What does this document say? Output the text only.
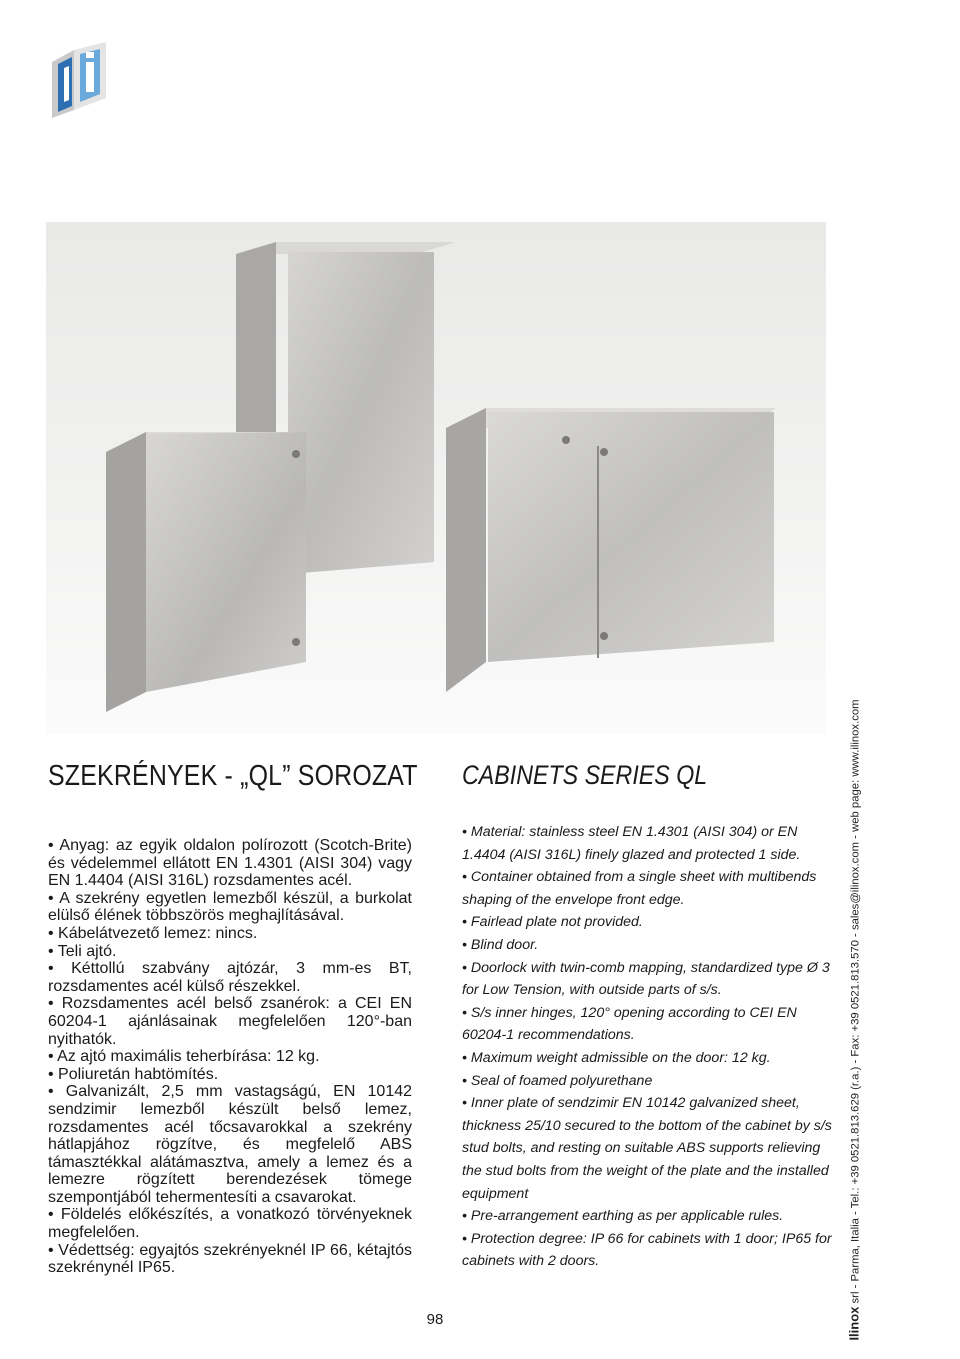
SZEKRÉNYEK - „QL” SOROZAT
• Anyag: az egyik oldalon polírozott (Scotch-Brite) és védelemmel ellátott EN 1.4301 (AISI 304) vagy EN 1.4404 (AISI 316L) rozsdamentes acél.
• A szekrény egyetlen lemezből készül, a burkolat elülső élének többszörös meghajlításával.
• Kábelátvezető lemez: nincs.
• Teli ajtó.
• Kéttollú szabvány ajtózár, 3 mm-es BT, rozsdamentes acél külső részekkel.
• Rozsdamentes acél belső zsanérok: a CEI EN 60204-1 ajánlásainak megfelelően 120°-ban nyithatók.
• Az ajtó maximális teherbírása: 12 kg.
• Poliuretán habtömítés.
• Galvanizált, 2,5 mm vastagságú, EN 10142 sendzimir lemezből készült belső lemez, rozsdamentes acél tőcsavarokkal a szekrény hátlapjához rögzítve, és megfelelő ABS támasztékkal alátámasztva, amely a lemez és a lemezre rögzített berendezések tömege szempontjából tehermentesíti a csavarokat.
• Földelés előkészítés, a vonatkozó törvényeknek megfelelően.
• Védettség: egyajtós szekrényeknél IP 66, kétajtós szekrénynél IP65.
CABINETS SERIES QL
• Material: stainless steel EN 1.4301 (AISI 304) or EN 1.4404 (AISI 316L) finely glazed and protected 1 side.
• Container obtained from a single sheet with multibends shaping of the envelope front edge.
• Fairlead plate not provided.
• Blind door.
• Doorlock with twin-comb mapping, standardized type Ø 3 for Low Tension, with outside parts of s/s.
• S/s inner hinges, 120° opening according to CEI EN 60204-1 recommendations.
• Maximum weight admissible on the door: 12 kg.
• Seal of foamed polyurethane
• Inner plate of sendzimir EN 10142 galvanized sheet, thickness 25/10 secured to the bottom of the cabinet by s/s stud bolts, and resting on suitable ABS supports relieving the stud bolts from the weight of the plate and the installed equipment
• Pre-arrangement earthing as per applicable rules.
• Protection degree: IP 66 for cabinets with 1 door; IP65 for cabinets with 2 doors.
Ilinox srl - Parma, Italia - Tel.: +39 0521.813.629 (r.a.) - Fax: +39 0521.813.570 - sales@ilinox.com - web page: www.ilinox.com
98
